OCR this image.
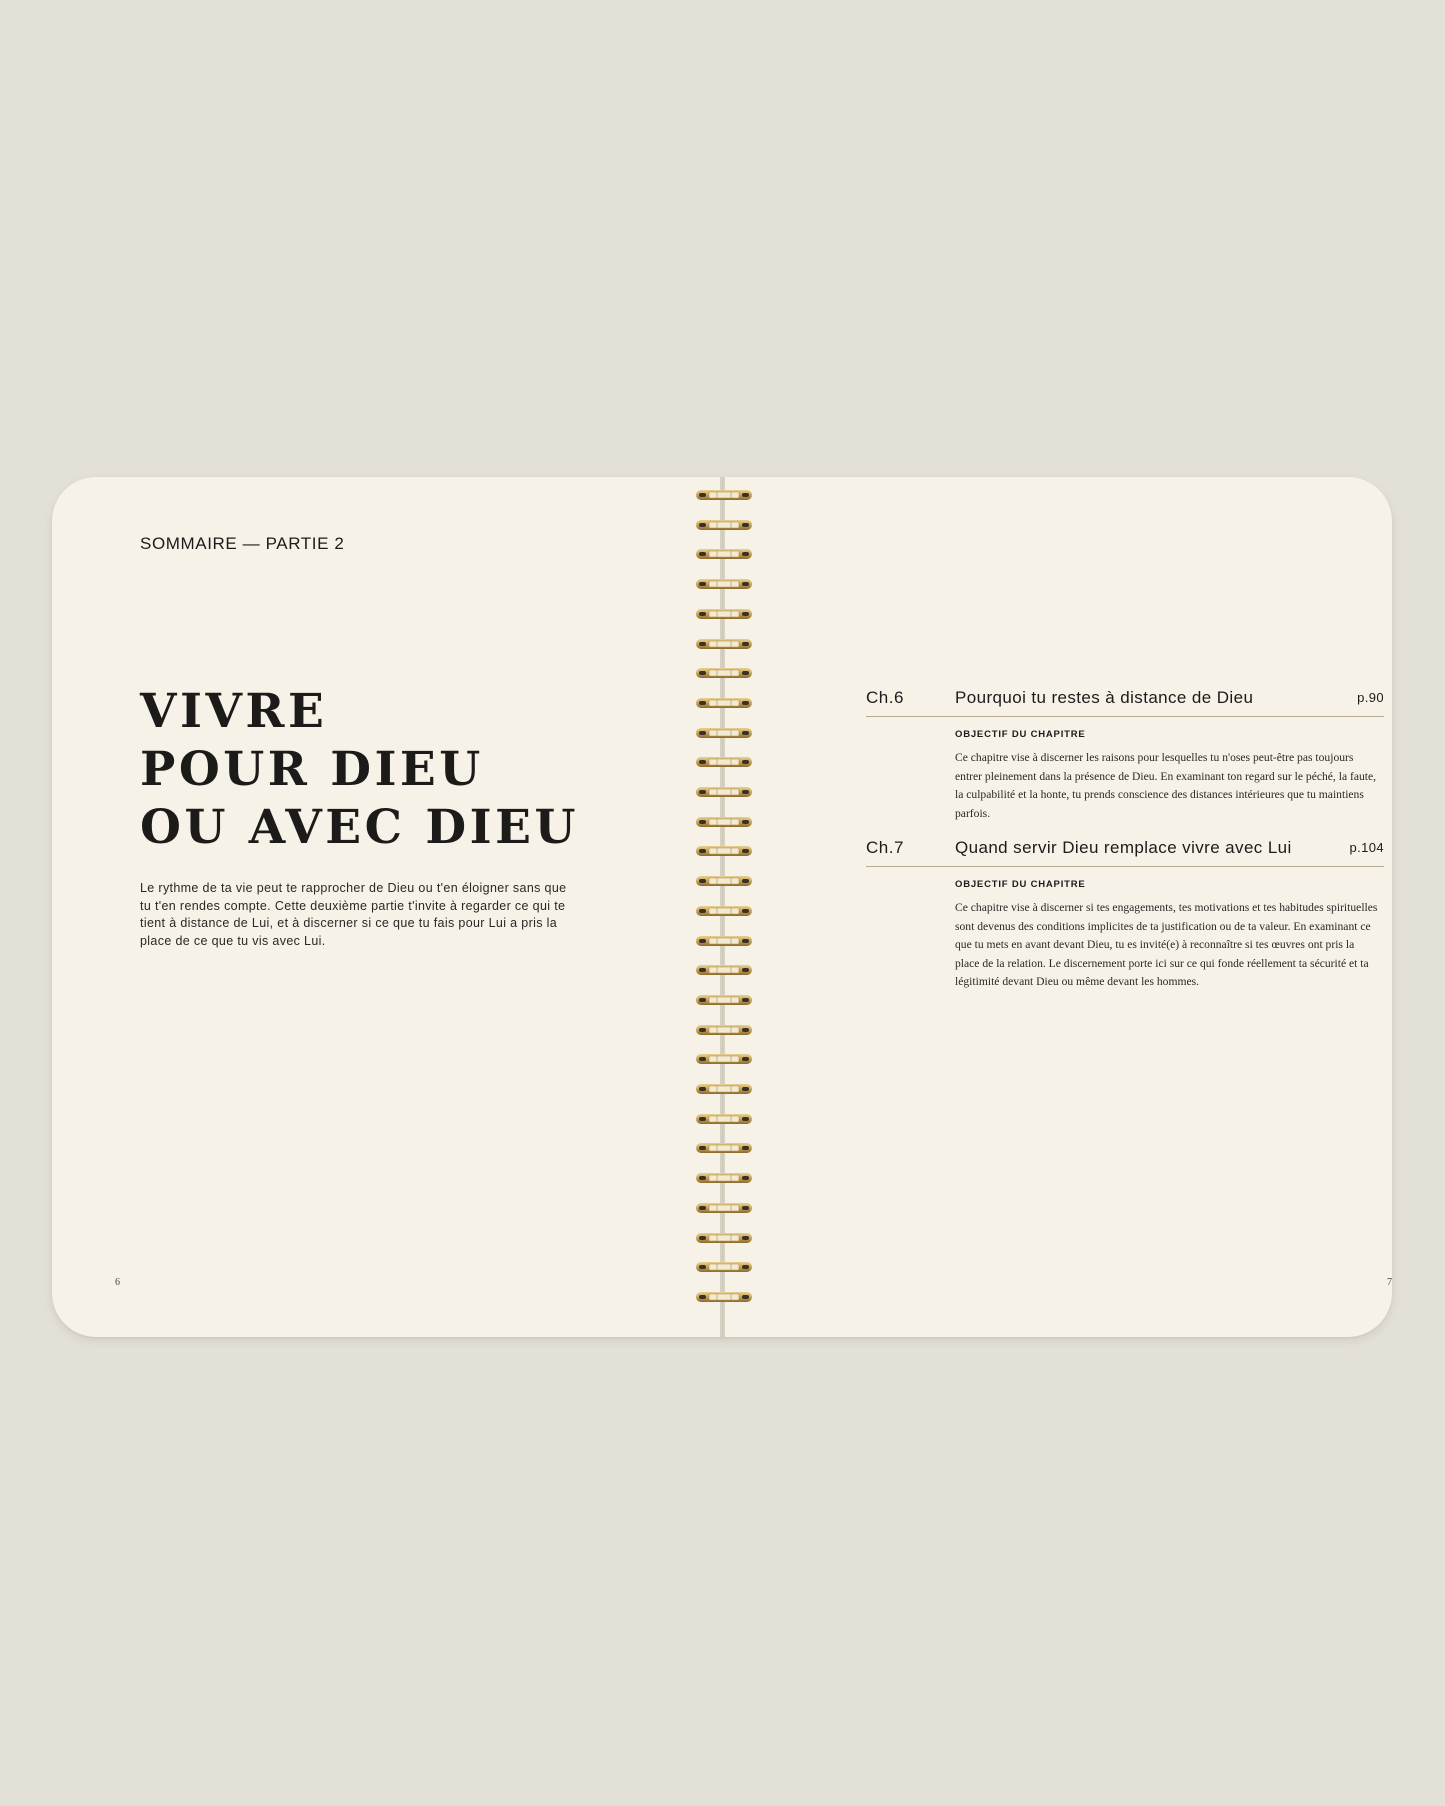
SOMMAIRE — PARTIE 2
VIVRE
POUR DIEU
OU AVEC DIEU

Le rythme de ta vie peut te rapprocher de Dieu ou t'en éloigner sans que tu t'en rendes compte. Cette deuxième partie t'invite à regarder ce qui te tient à distance de Lui, et à discerner si ce que tu fais pour Lui a pris la place de ce que tu vis avec Lui.

6
Ch.6	Pourquoi tu restes à distance de Dieu	p.90
OBJECTIF DU CHAPITRE
Ce chapitre vise à discerner les raisons pour lesquelles tu n'oses peut-être pas toujours entrer pleinement dans la présence de Dieu. En examinant ton regard sur le péché, la faute, la culpabilité et la honte, tu prends conscience des distances intérieures que tu maintiens parfois.
Ch.7	Quand servir Dieu remplace vivre avec Lui	p.104
OBJECTIF DU CHAPITRE
Ce chapitre vise à discerner si tes engagements, tes motivations et tes habitudes spirituelles sont devenus des conditions implicites de ta justification ou de ta valeur. En examinant ce que tu mets en avant devant Dieu, tu es invité(e) à reconnaître si tes œuvres ont pris la place de la relation. Le discernement porte ici sur ce qui fonde réellement ta sécurité et ta légitimité devant Dieu ou même devant les hommes.
7
